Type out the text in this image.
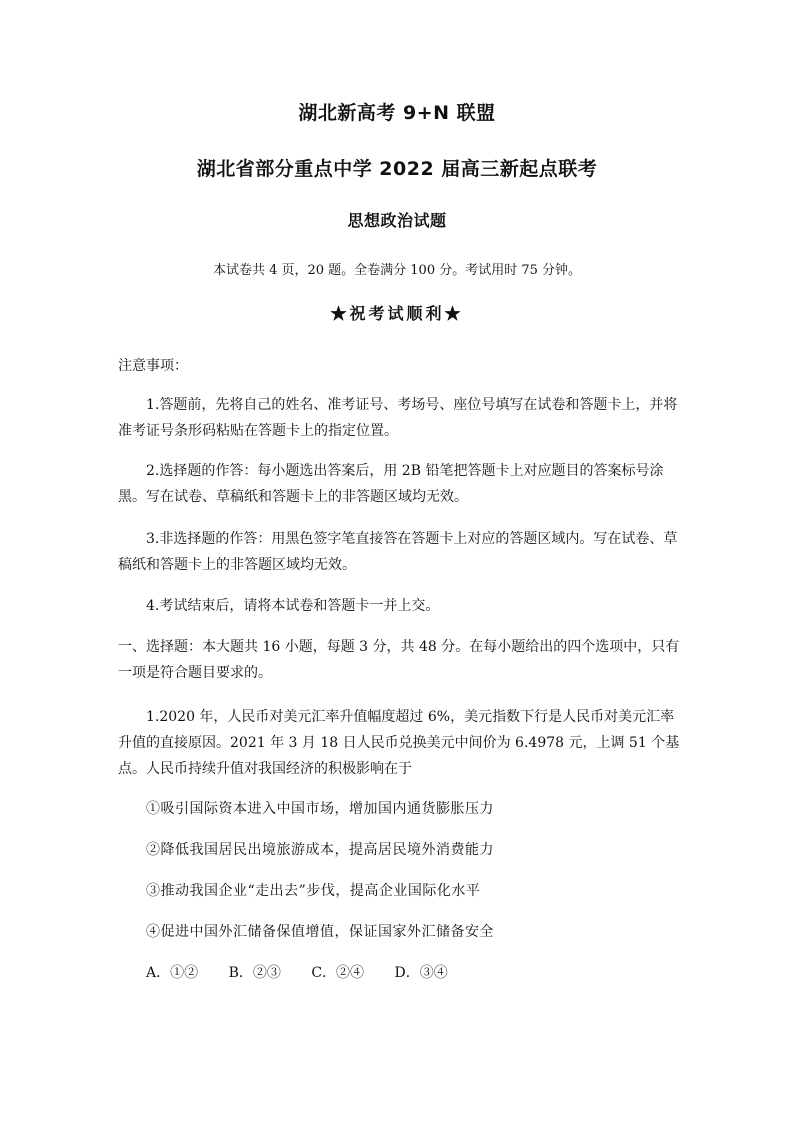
湖北新高考 9+N 联盟
湖北省部分重点中学 2022 届高三新起点联考
思想政治试题
本试卷共 4 页，20 题。全卷满分 100 分。考试用时 75 分钟。
★祝考试顺利★
注意事项：
1.答题前，先将自己的姓名、准考证号、考场号、座位号填写在试卷和答题卡上，并将准考证号条形码粘贴在答题卡上的指定位置。
2.选择题的作答：每小题选出答案后，用 2B 铅笔把答题卡上对应题目的答案标号涂黑。写在试卷、草稿纸和答题卡上的非答题区域均无效。
3.非选择题的作答：用黑色签字笔直接答在答题卡上对应的答题区域内。写在试卷、草稿纸和答题卡上的非答题区域均无效。
4.考试结束后，请将本试卷和答题卡一并上交。
一、选择题：本大题共 16 小题，每题 3 分，共 48 分。在每小题给出的四个选项中，只有一项是符合题目要求的。
1.2020 年，人民币对美元汇率升值幅度超过 6%，美元指数下行是人民币对美元汇率升值的直接原因。2021 年 3 月 18 日人民币兑换美元中间价为 6.4978 元，上调 51 个基点。人民币持续升值对我国经济的积极影响在于
①吸引国际资本进入中国市场，增加国内通货膨胀压力
②降低我国居民出境旅游成本，提高居民境外消费能力
③推动我国企业“走出去”步伐，提高企业国际化水平
④促进中国外汇储备保值增值，保证国家外汇储备安全
A．①② B．②③ C．②④ D．③④
